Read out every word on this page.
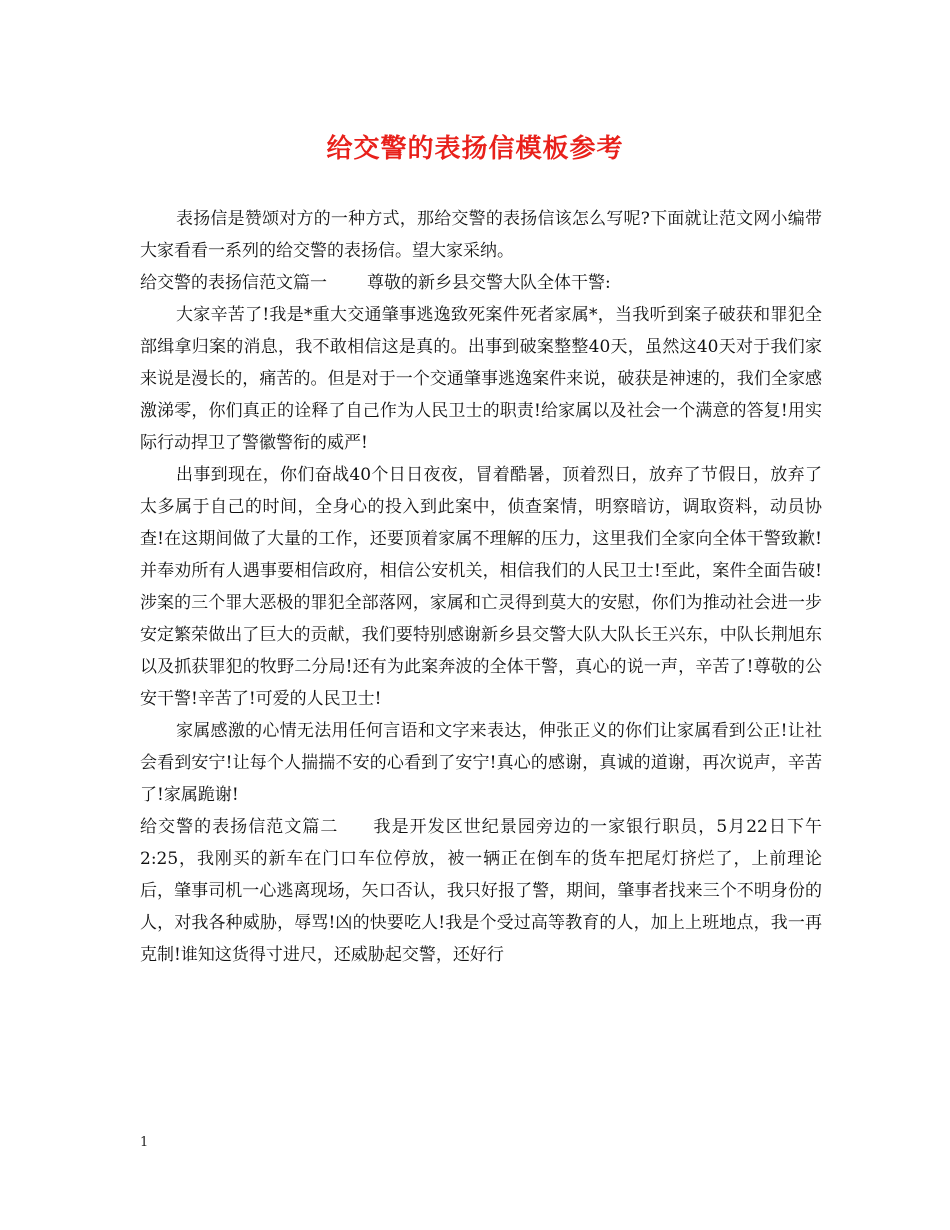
给交警的表扬信模板参考

表扬信是赞颂对方的一种方式，那给交警的表扬信该怎么写呢?下面就让范文网小编带大家看看一系列的给交警的表扬信。望大家采纳。

给交警的表扬信范文篇一 尊敬的新乡县交警大队全体干警:

大家辛苦了!我是*重大交通肇事逃逸致死案件死者家属*，当我听到案子破获和罪犯全部缉拿归案的消息，我不敢相信这是真的。出事到破案整整40天，虽然这40天对于我们家来说是漫长的，痛苦的。但是对于一个交通肇事逃逸案件来说，破获是神速的，我们全家感激涕零，你们真正的诠释了自己作为人民卫士的职责!给家属以及社会一个满意的答复!用实际行动捍卫了警徽警衔的威严!

出事到现在，你们奋战40个日日夜夜，冒着酷暑，顶着烈日，放弃了节假日，放弃了太多属于自己的时间，全身心的投入到此案中，侦查案情，明察暗访，调取资料，动员协查!在这期间做了大量的工作，还要顶着家属不理解的压力，这里我们全家向全体干警致歉!并奉劝所有人遇事要相信政府，相信公安机关，相信我们的人民卫士!至此，案件全面告破!涉案的三个罪大恶极的罪犯全部落网，家属和亡灵得到莫大的安慰，你们为推动社会进一步安定繁荣做出了巨大的贡献，我们要特别感谢新乡县交警大队大队长王兴东，中队长荆旭东以及抓获罪犯的牧野二分局!还有为此案奔波的全体干警，真心的说一声，辛苦了!尊敬的公安干警!辛苦了!可爱的人民卫士!

家属感激的心情无法用任何言语和文字来表达，伸张正义的你们让家属看到公正!让社会看到安宁!让每个人揣揣不安的心看到了安宁!真心的感谢，真诚的道谢，再次说声，辛苦了!家属跪谢!

给交警的表扬信范文篇二 我是开发区世纪景园旁边的一家银行职员，5月22日下午2:25，我刚买的新车在门口车位停放，被一辆正在倒车的货车把尾灯挤烂了，上前理论后，肇事司机一心逃离现场，矢口否认，我只好报了警，期间，肇事者找来三个不明身份的人，对我各种威胁，辱骂!凶的快要吃人!我是个受过高等教育的人，加上上班地点，我一再克制!谁知这货得寸进尺，还威胁起交警，还好行

1
